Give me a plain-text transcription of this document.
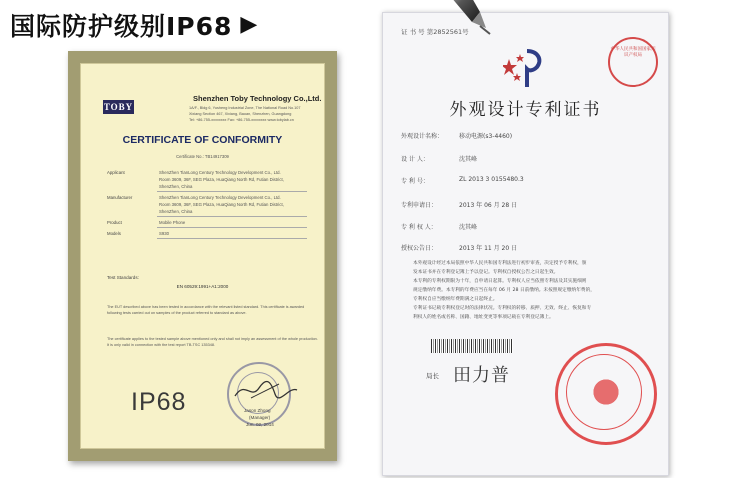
国际防护级别IP68 ▶
TOBY
Shenzhen Toby Technology Co.,Ltd.
1A/F., Bldg 6, Yusheng Industrial Zone, The National Road No.107
Xixiang Section 467, Xixiang, Baoan, Shenzhen, Guangdong
Tel: +86-755-xxxxxxxx Fax: +86-755-xxxxxxxx www.tobylab.cn
CERTIFICATE OF CONFORMITY
Certificate No.: TB14917309
Applicant	ShenZhen TianLong Century Technology Development Co., Ltd.
Room 3609, 36F, SEG Plaza, HuaQiang North Rd, Futian District,
ShenZhen, China
Manufacturer	ShenZhen TianLong Century Technology Development Co., Ltd.
Room 3609, 36F, SEG Plaza, HuaQiang North Rd, Futian District,
ShenZhen, China
Product	Mobile Phone
Models	S930
Test Standards:
EN 60529:1991+A1:2000
The EUT described above has been tested in accordance with the relevant listed standard. This certificate is awarded following tests carried out on samples of the product referred to standard as above.
The certificate applies to the tested sample above mentioned only and shall not imply an assessment of the whole production. It is only valid in connection with the test report TB-TSC 135348.
IP68	Jason Zhong
(Manager)
Jun. 02, 2014
证 书 号 第2852561号
中华人民共和国国家知识产权局
外观设计专利证书
外观设计名称：	移动电源(s3-4460)
设 计 人：	沈其峰
专 利 号：	ZL 2013 3 0155480.3
专利申请日：	2013 年 06 月 28 日
专 利 权 人：	沈其峰
授权公告日：	2013 年 11 月 20 日
本外观设计经过本局依照中华人民共和国专利法进行初步审查，决定授予专利权，颁
发本证书并在专利登记簿上予以登记。专利权自授权公告之日起生效。
本专利的专利权期限为十年，自申请日起算。专利权人应当依照专利法及其实施细则
规定缴纳年费。本专利的年费应当在每年 06 月 28 日前缴纳。未按照规定缴纳年费的，
专利权自应当缴纳年费期满之日起终止。
专利证书记载专利权登记时的法律状况。专利权的转移、质押、无效、终止、恢复和专
利权人的姓名或名称、国籍、地址变更等事项记载在专利登记簿上。
局长 田力普
